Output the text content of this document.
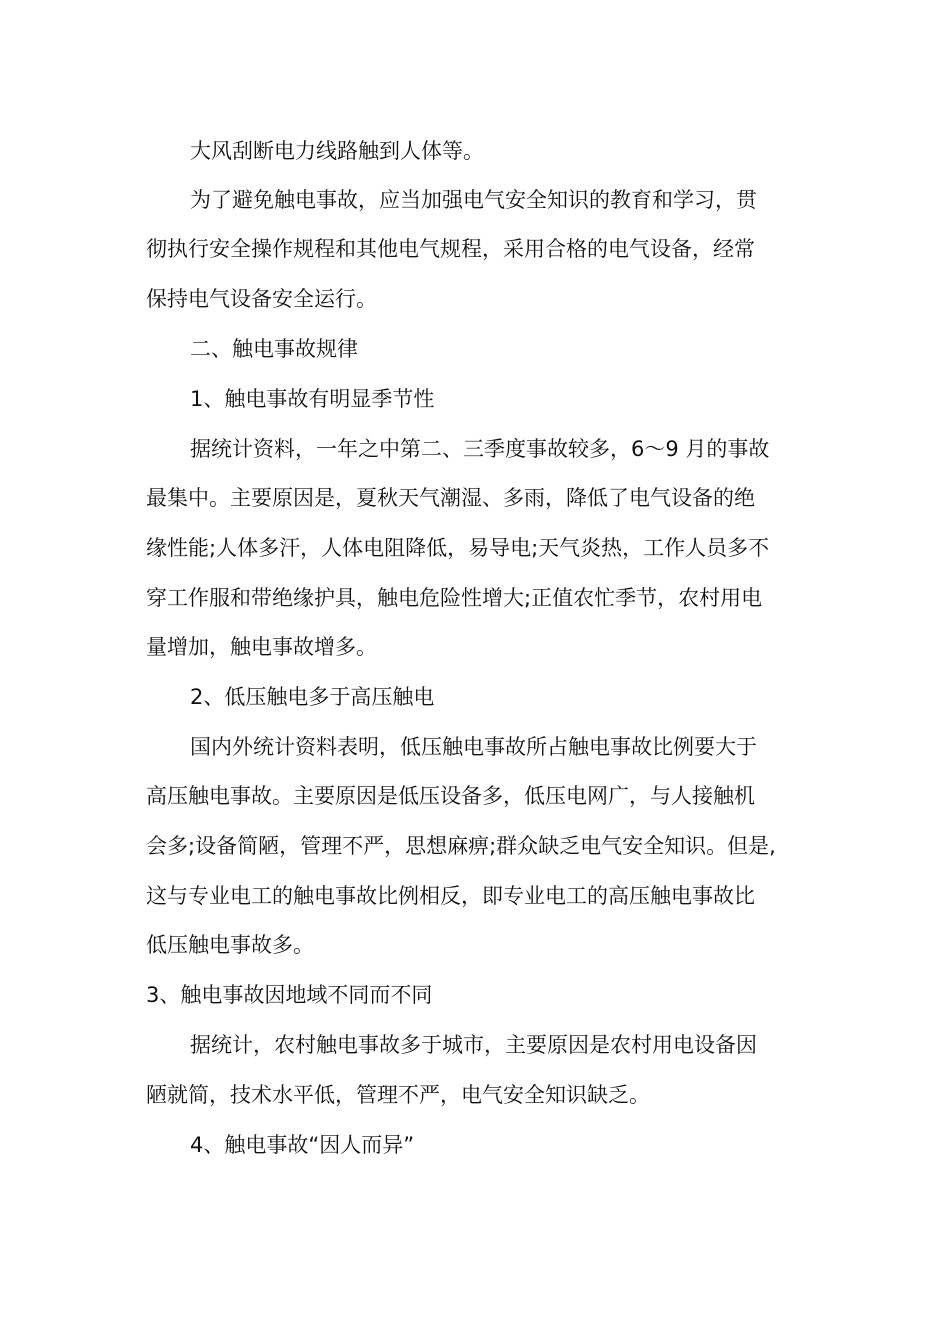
大风刮断电力线路触到人体等。
为了避免触电事故，应当加强电气安全知识的教育和学习，贯
彻执行安全操作规程和其他电气规程，采用合格的电气设备，经常
保持电气设备安全运行。
二、触电事故规律
1、触电事故有明显季节性
据统计资料，一年之中第二、三季度事故较多，6～9 月的事故
最集中。主要原因是，夏秋天气潮湿、多雨，降低了电气设备的绝
缘性能;人体多汗，人体电阻降低，易导电;天气炎热，工作人员多不
穿工作服和带绝缘护具，触电危险性增大;正值农忙季节，农村用电
量增加，触电事故增多。
2、低压触电多于高压触电
国内外统计资料表明，低压触电事故所占触电事故比例要大于
高压触电事故。主要原因是低压设备多，低压电网广，与人接触机
会多;设备简陋，管理不严，思想麻痹;群众缺乏电气安全知识。但是,
这与专业电工的触电事故比例相反，即专业电工的高压触电事故比
低压触电事故多。
3、触电事故因地域不同而不同
据统计，农村触电事故多于城市，主要原因是农村用电设备因
陋就简，技术水平低，管理不严，电气安全知识缺乏。
4、触电事故“因人而异”
